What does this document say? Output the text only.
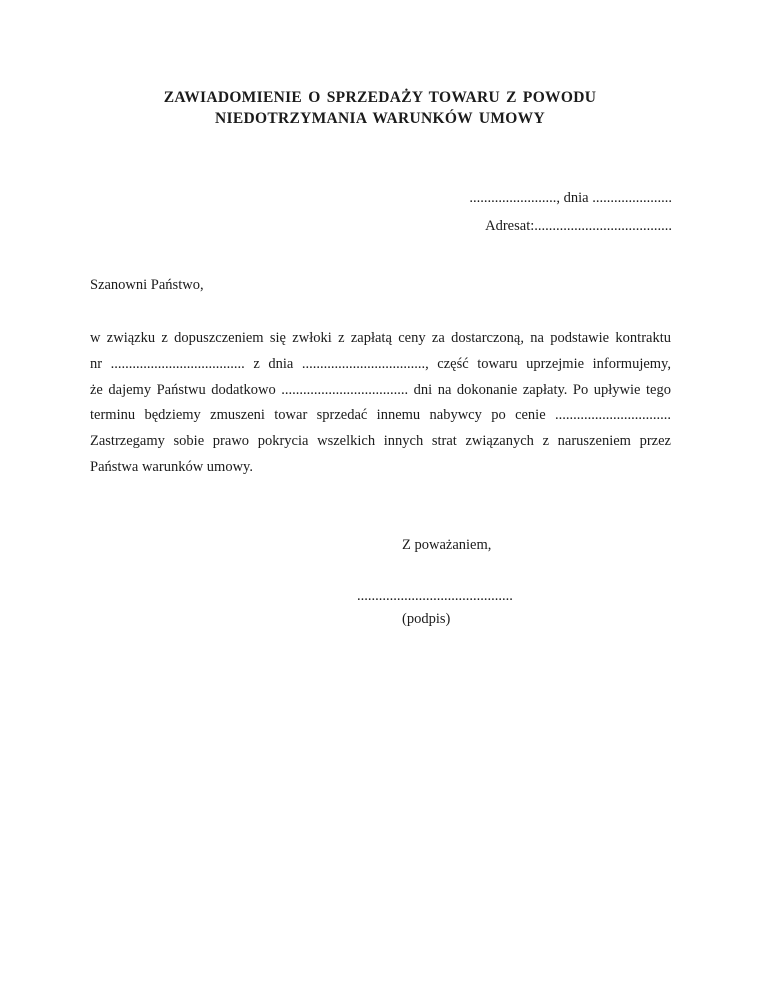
ZAWIADOMIENIE O SPRZEDAŻY TOWARU Z POWODU
NIEDOTRZYMANIA WARUNKÓW UMOWY
........................, dnia ......................
Adresat:......................................
Szanowni Państwo,
w związku z dopuszczeniem się zwłoki z zapłatą ceny za dostarczoną, na podstawie kontraktu
nr ..................................... z dnia .................................., część towaru uprzejmie informujemy,
że dajemy Państwu dodatkowo ................................... dni na dokonanie zapłaty. Po upływie tego
terminu będziemy zmuszeni towar sprzedać innemu nabywcy po cenie ................................
Zastrzegamy sobie prawo pokrycia wszelkich innych strat związanych z naruszeniem przez
Państwa warunków umowy.
Z poważaniem,
...........................................
(podpis)
